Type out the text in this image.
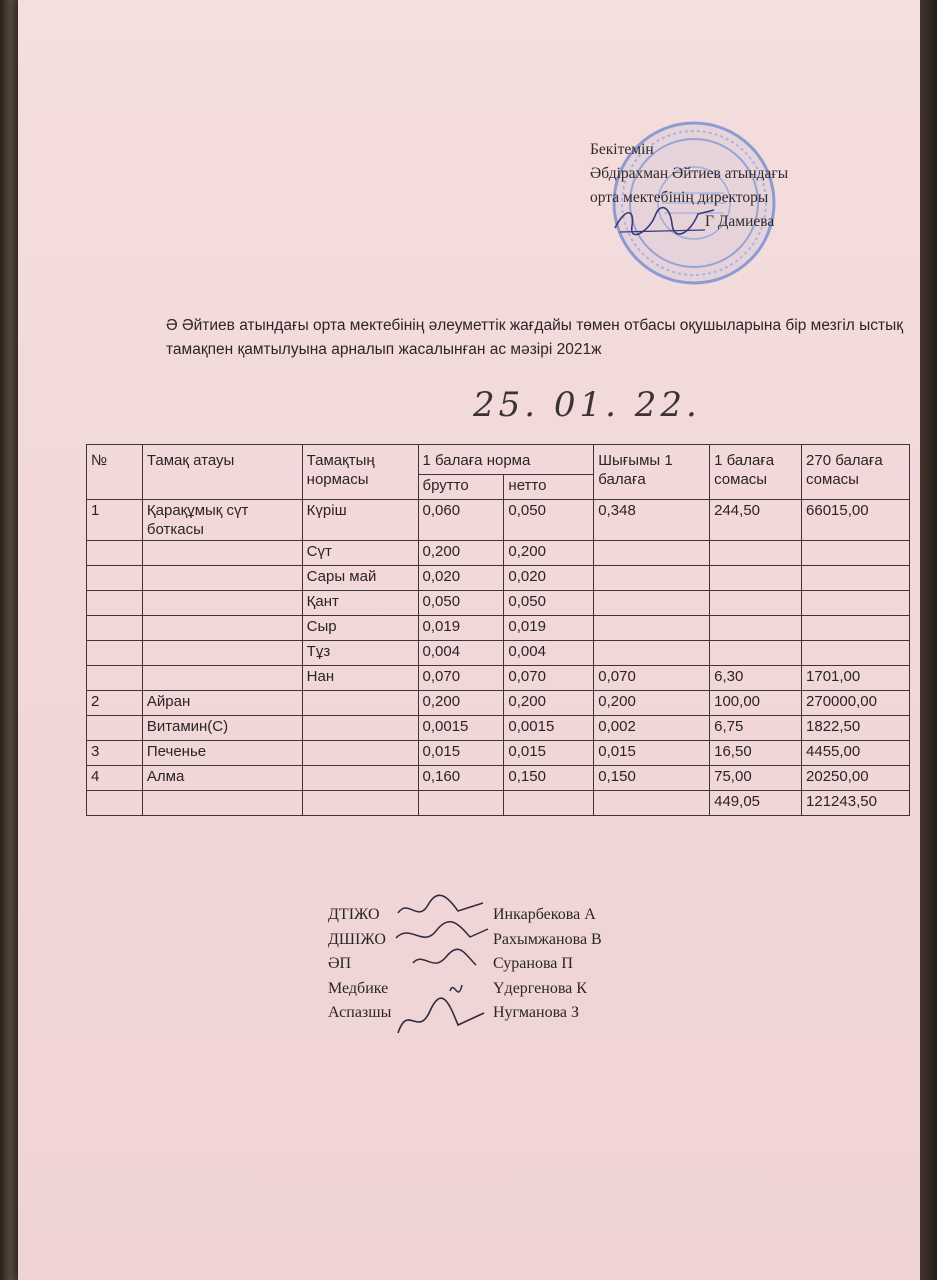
Бекітемін
Әбдірахман Әйтиев атындағы
орта мектебінің директоры
Г Дамиева
Ә Әйтиев атындағы орта мектебінің әлеуметтік жағдайы төмен отбасы оқушыларына бір мезгіл ыстық тамақпен қамтылуына арналып жасалынған ас мәзірі 2021ж
25. 01. 22.
№	Тамақ атауы	Тамақтың нормасы	1 балаға норма		Шығымы 1 балаға	1 балаға сомасы	270 балаға сомасы
			брутто	нетто			
1	Қарақұмық сүт боткасы	Күріш	0,060	0,050	0,348	244,50	66015,00
		Сүт	0,200	0,200			
		Сары май	0,020	0,020			
		Қант	0,050	0,050			
		Сыр	0,019	0,019			
		Тұз	0,004	0,004			
		Нан	0,070	0,070	0,070	6,30	1701,00
2	Айран		0,200	0,200	0,200	100,00	270000,00
	Витамин(С)		0,0015	0,0015	0,002	6,75	1822,50
3	Печенье		0,015	0,015	0,015	16,50	4455,00
4	Алма		0,160	0,150	0,150	75,00	20250,00
						449,05	121243,50
ДТІЖО	Инкарбекова А
ДШІЖО	Рахымжанова В
ӘП	Суранова П
Медбике	Үдергенова К
Аспазшы	Нугманова З
